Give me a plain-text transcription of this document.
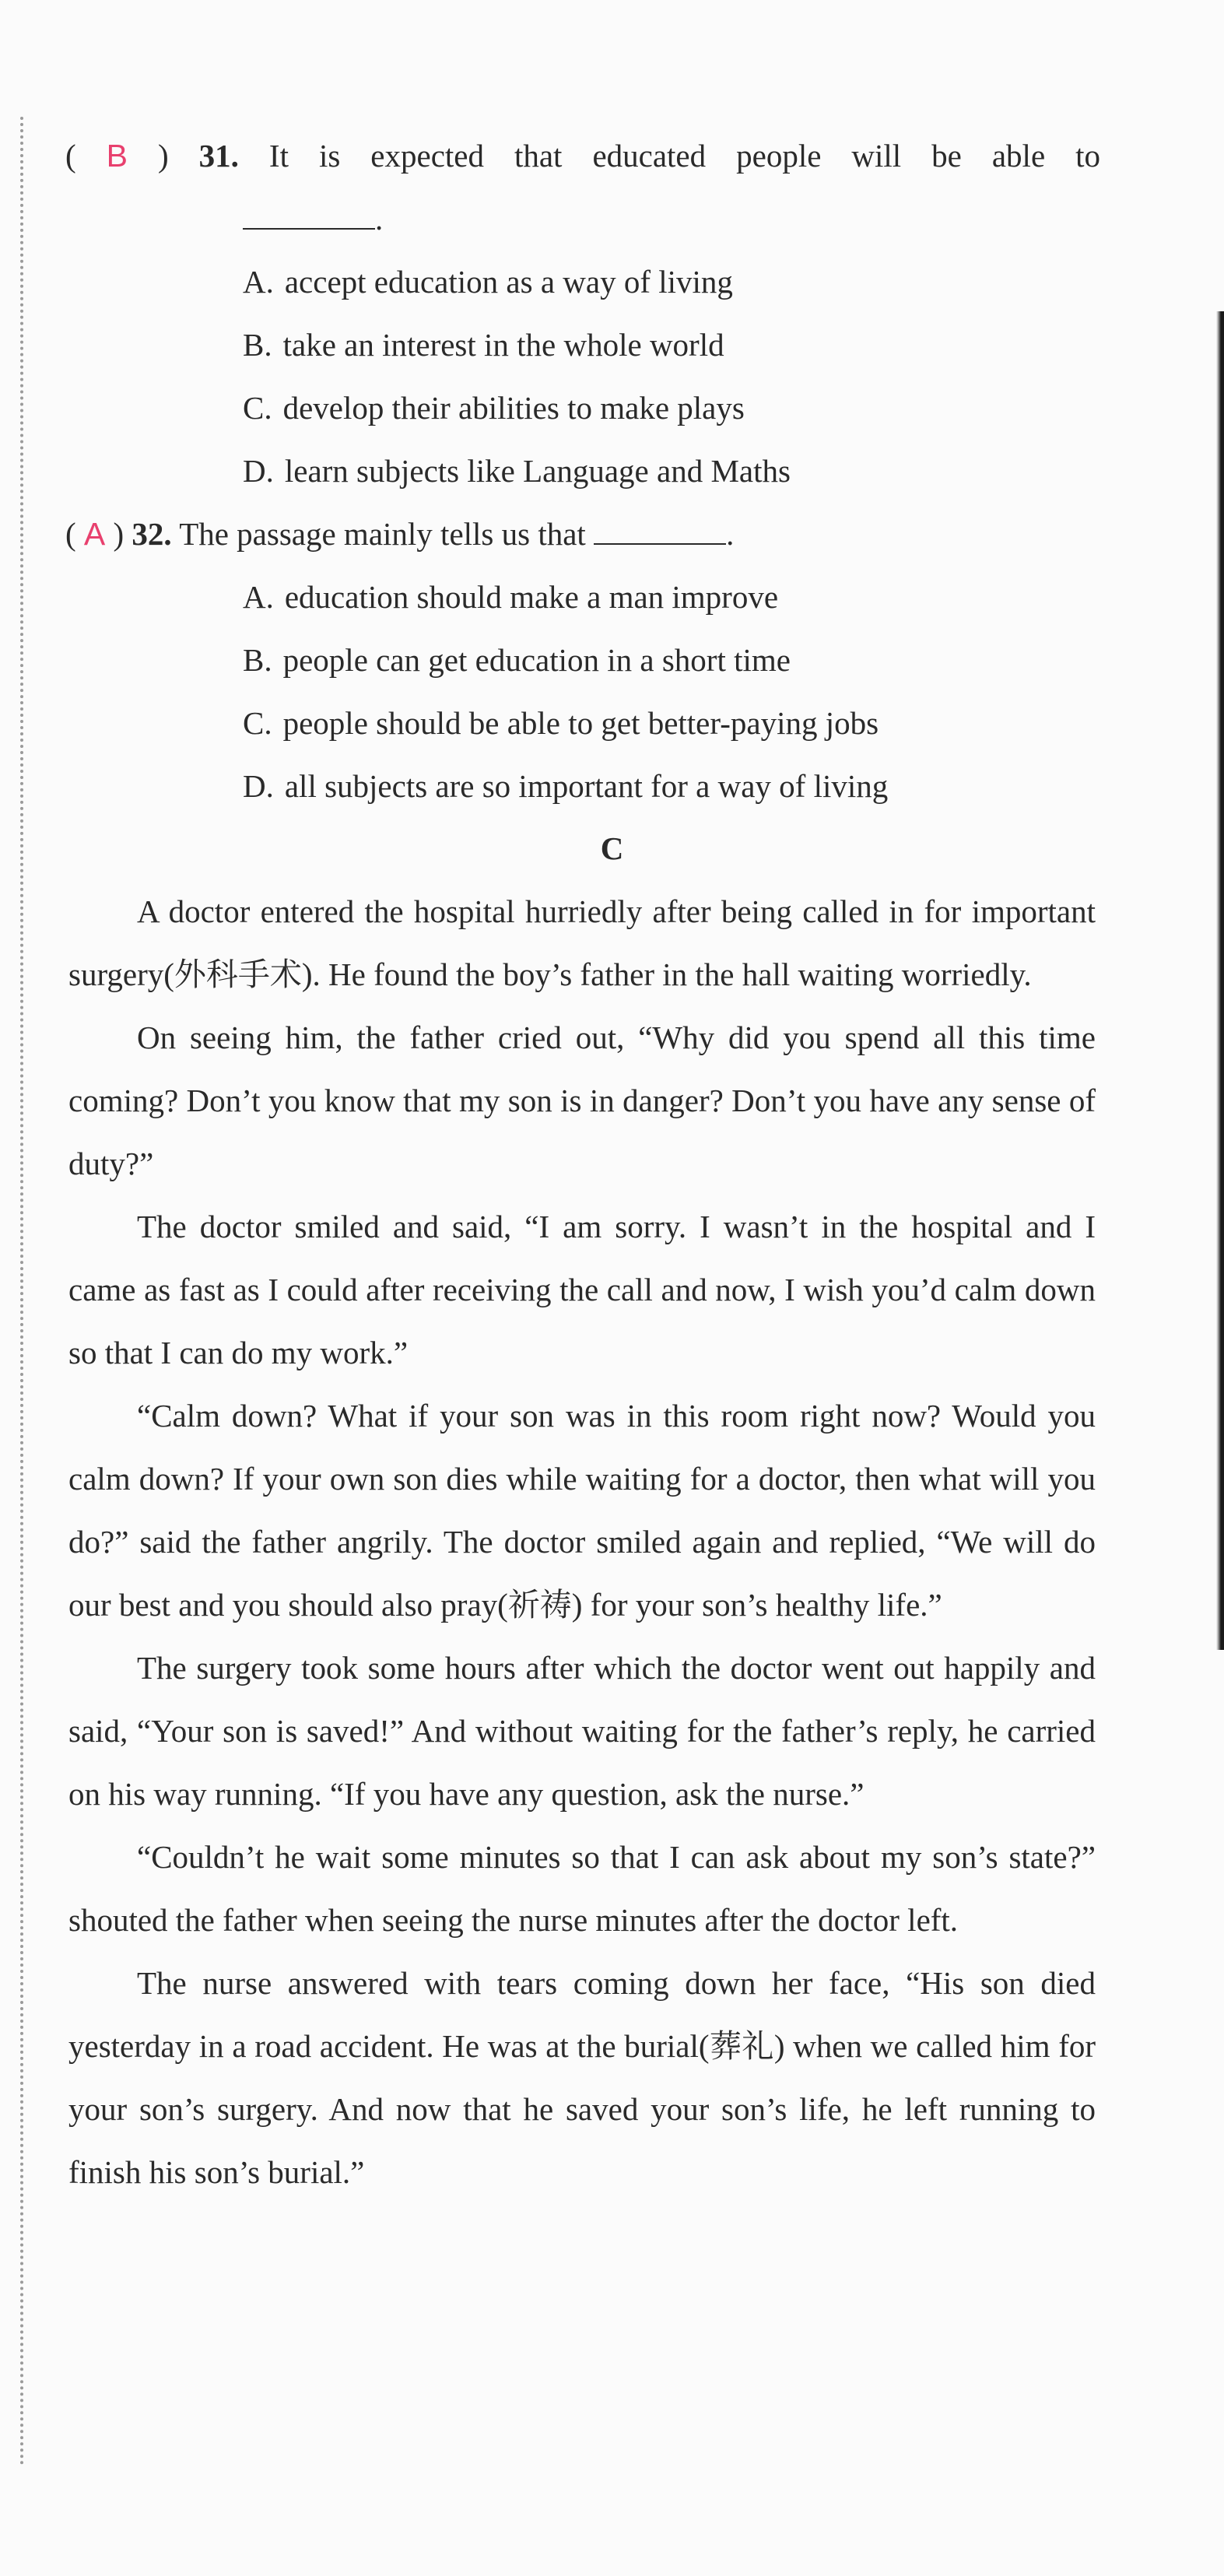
( B ) 31. It is expected that educated people will be able to
.
A. accept education as a way of living
B. take an interest in the whole world
C. develop their abilities to make plays
D. learn subjects like Language and Maths
( A ) 32. The passage mainly tells us that	.
A. education should make a man improve
B. people can get education in a short time
C. people should be able to get better-paying jobs
D. all subjects are so important for a way of living
C

A doctor entered the hospital hurriedly after being called in for important surgery(外科手术). He found the boy’s father in the hall waiting worriedly.

On seeing him, the father cried out, “Why did you spend all this time coming? Don’t you know that my son is in danger? Don’t you have any sense of duty?”

The doctor smiled and said, “I am sorry. I wasn’t in the hospital and I came as fast as I could after receiving the call and now, I wish you’d calm down so that I can do my work.”

“Calm down? What if your son was in this room right now? Would you calm down? If your own son dies while waiting for a doctor, then what will you do?” said the father angrily. The doctor smiled again and replied, “We will do our best and you should also pray(祈祷) for your son’s healthy life.”

The surgery took some hours after which the doctor went out happily and said, “Your son is saved!” And without waiting for the father’s reply, he carried on his way running. “If you have any question, ask the nurse.”

“Couldn’t he wait some minutes so that I can ask about my son’s state?” shouted the father when seeing the nurse minutes after the doctor left.

The nurse answered with tears coming down her face, “His son died yesterday in a road accident. He was at the burial(葬礼) when we called him for your son’s surgery. And now that he saved your son’s life, he left running to finish his son’s burial.”
